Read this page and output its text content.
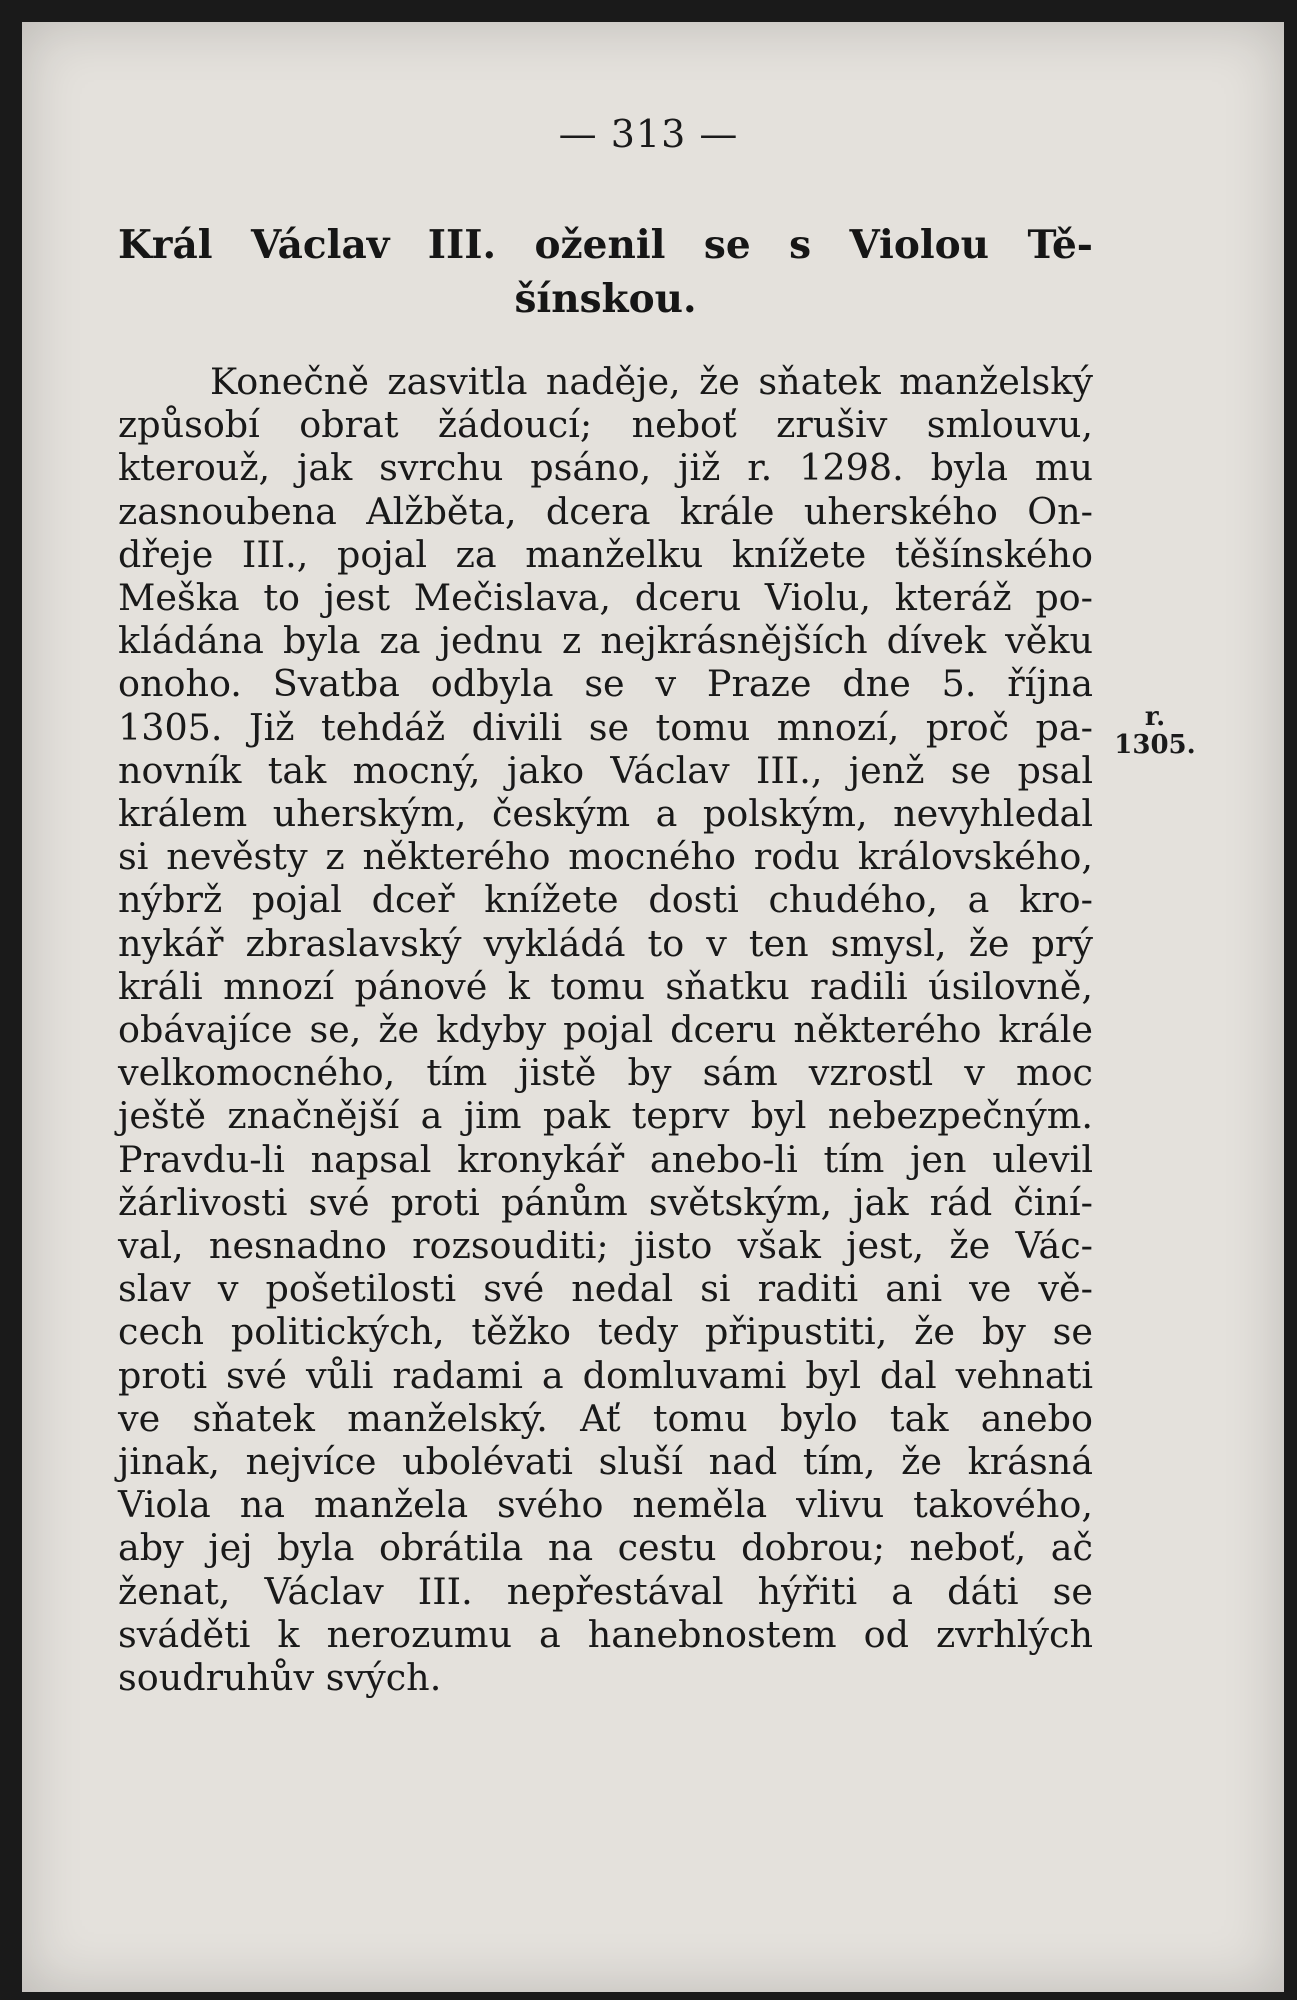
— 313 —
Král Václav III. oženil se s Violou Tě-
šínskou.
Konečně zasvitla naděje, že sňatek manželský
způsobí obrat žádoucí; neboť zrušiv smlouvu,
kterouž, jak svrchu psáno, již r. 1298. byla mu
zasnoubena Alžběta, dcera krále uherského On-
dřeje III., pojal za manželku knížete těšínského
Meška to jest Mečislava, dceru Violu, kteráž po-
kládána byla za jednu z nejkrásnějších dívek věku
onoho. Svatba odbyla se v Praze dne 5. října
1305. Již tehdáž divili se tomu mnozí, proč pa-
novník tak mocný, jako Václav III., jenž se psal
králem uherským, českým a polským, nevyhledal
si nevěsty z některého mocného rodu královského,
nýbrž pojal dceř knížete dosti chudého, a kro-
nykář zbraslavský vykládá to v ten smysl, že prý
králi mnozí pánové k tomu sňatku radili úsilovně,
obávajíce se, že kdyby pojal dceru některého krále
velkomocného, tím jistě by sám vzrostl v moc
ještě značnější a jim pak teprv byl nebezpečným.
Pravdu-li napsal kronykář anebo-li tím jen ulevil
žárlivosti své proti pánům světským, jak rád činí-
val, nesnadno rozsouditi; jisto však jest, že Vác-
slav v pošetilosti své nedal si raditi ani ve vě-
cech politických, těžko tedy připustiti, že by se
proti své vůli radami a domluvami byl dal vehnati
ve sňatek manželský. Ať tomu bylo tak anebo
jinak, nejvíce ubolévati sluší nad tím, že krásná
Viola na manžela svého neměla vlivu takového,
aby jej byla obrátila na cestu dobrou; neboť, ač
ženat, Václav III. nepřestával hýřiti a dáti se
sváděti k nerozumu a hanebnostem od zvrhlých
soudruhův svých.
r.
1305.
